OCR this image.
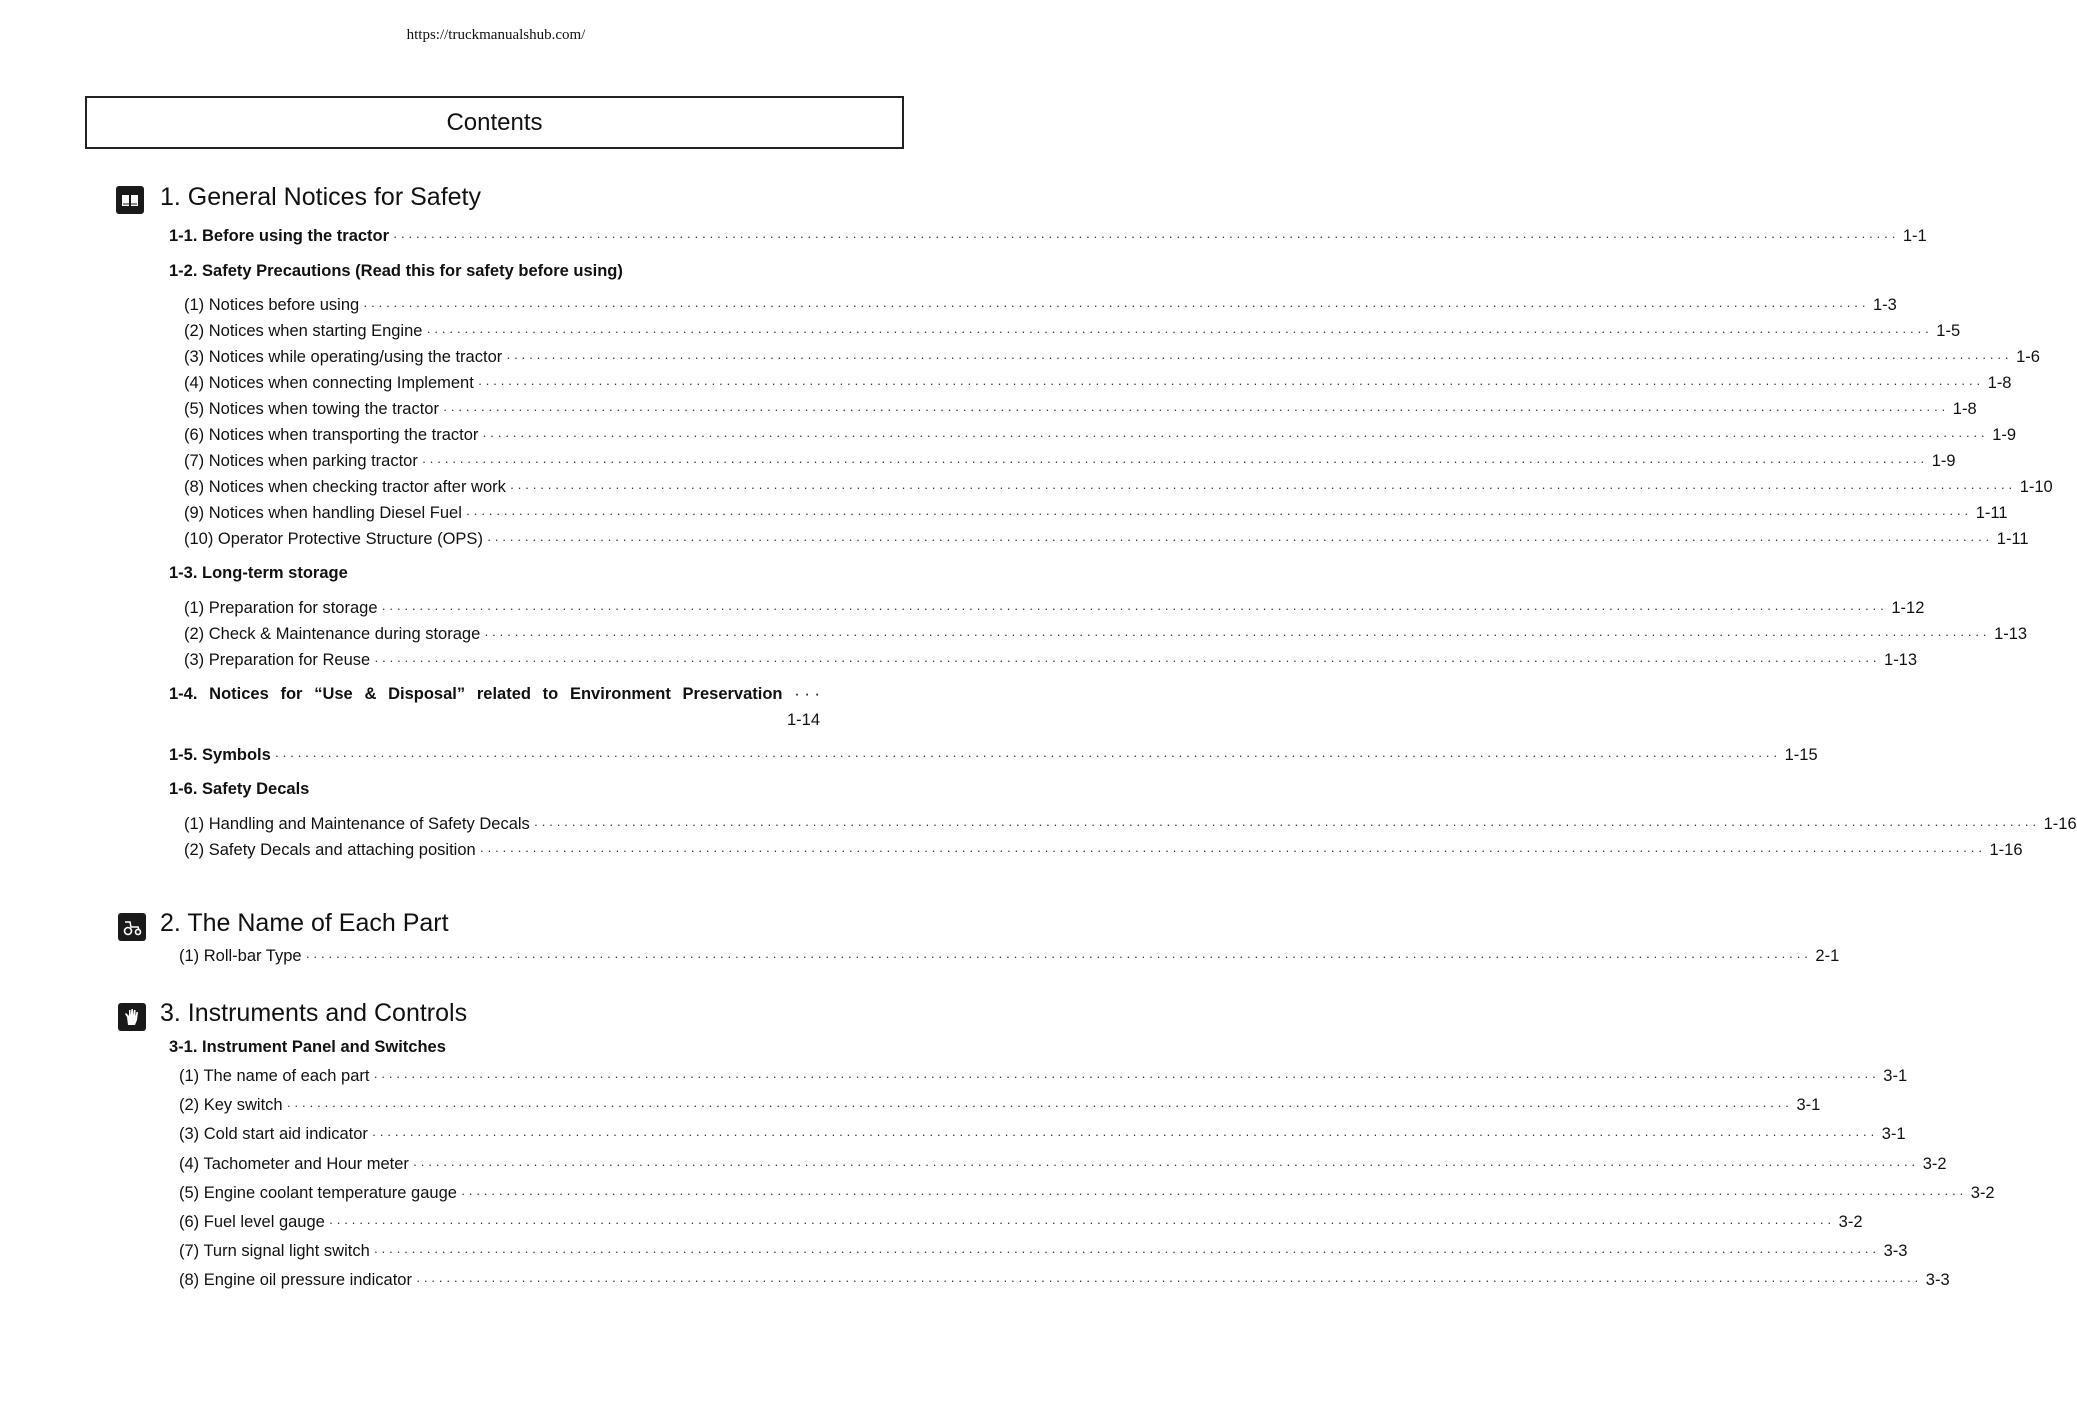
https://truckmanualshub.com/
Contents
1. General Notices for Safety
1-1. Before using the tractor ········································································································································································································ 1-1
1-2. Safety Precautions (Read this for safety before using)
(1) Notices before using ········································································································································································································ 1-3
(2) Notices when starting Engine ········································································································································································································ 1-5
(3) Notices while operating/using the tractor ········································································································································································································ 1-6
(4) Notices when connecting Implement ········································································································································································································ 1-8
(5) Notices when towing the tractor ········································································································································································································ 1-8
(6) Notices when transporting the tractor ········································································································································································································ 1-9
(7) Notices when parking tractor ········································································································································································································ 1-9
(8) Notices when checking tractor after work ········································································································································································································ 1-10
(9) Notices when handling Diesel Fuel ········································································································································································································ 1-11
(10) Operator Protective Structure (OPS) ········································································································································································································ 1-11
1-3. Long-term storage
(1) Preparation for storage ········································································································································································································ 1-12
(2) Check & Maintenance during storage ········································································································································································································ 1-13
(3) Preparation for Reuse ········································································································································································································ 1-13
1-4. Notices for “Use & Disposal” related to Environment Preservation · · ·
1-14
1-5. Symbols ········································································································································································································ 1-15
1-6. Safety Decals
(1) Handling and Maintenance of Safety Decals ········································································································································································································ 1-16
(2) Safety Decals and attaching position ········································································································································································································ 1-16
2. The Name of Each Part
(1) Roll-bar Type ········································································································································································································ 2-1
3. Instruments and Controls
3-1. Instrument Panel and Switches
(1) The name of each part ········································································································································································································ 3-1
(2) Key switch ········································································································································································································ 3-1
(3) Cold start aid indicator ········································································································································································································ 3-1
(4) Tachometer and Hour meter ········································································································································································································ 3-2
(5) Engine coolant temperature gauge ········································································································································································································ 3-2
(6) Fuel level gauge ········································································································································································································ 3-2
(7) Turn signal light switch ········································································································································································································ 3-3
(8) Engine oil pressure indicator ········································································································································································································ 3-3
